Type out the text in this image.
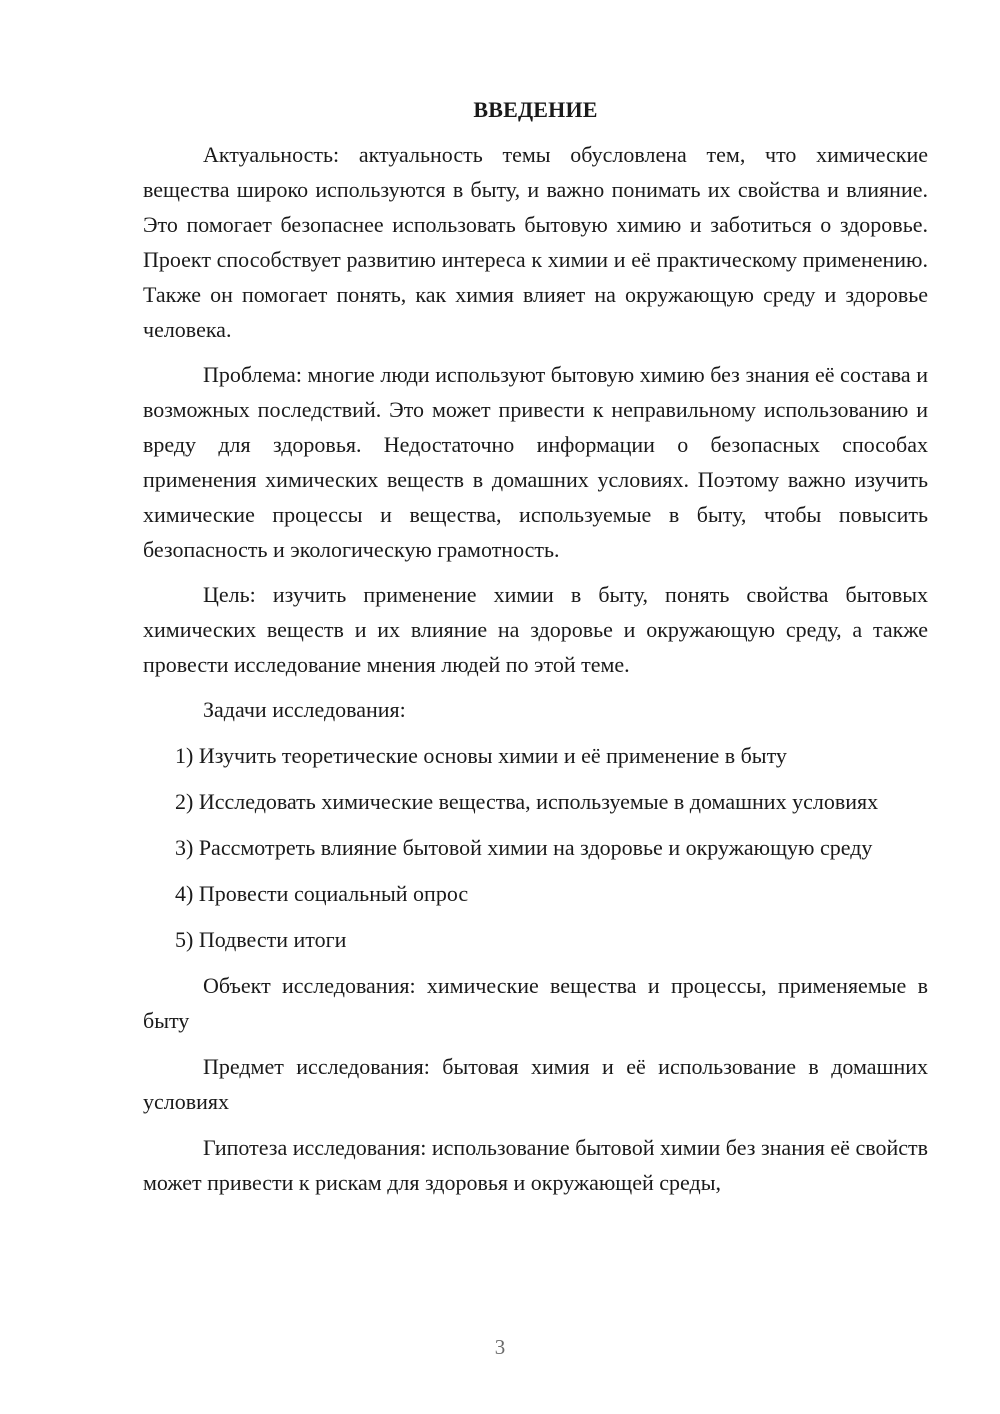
ВВЕДЕНИЕ

Актуальность: актуальность темы обусловлена тем, что химические вещества широко используются в быту, и важно понимать их свойства и влияние. Это помогает безопаснее использовать бытовую химию и заботиться о здоровье. Проект способствует развитию интереса к химии и её практическому применению. Также он помогает понять, как химия влияет на окружающую среду и здоровье человека.

Проблема: многие люди используют бытовую химию без знания её состава и возможных последствий. Это может привести к неправильному использованию и вреду для здоровья. Недостаточно информации о безопасных способах применения химических веществ в домашних условиях. Поэтому важно изучить химические процессы и вещества, используемые в быту, чтобы повысить безопасность и экологическую грамотность.

Цель: изучить применение химии в быту, понять свойства бытовых химических веществ и их влияние на здоровье и окружающую среду, а также провести исследование мнения людей по этой теме.

Задачи исследования:

1) Изучить теоретические основы химии и её применение в быту

2) Исследовать химические вещества, используемые в домашних условиях

3) Рассмотреть влияние бытовой химии на здоровье и окружающую среду

4) Провести социальный опрос

5) Подвести итоги

Объект исследования: химические вещества и процессы, применяемые в быту

Предмет исследования: бытовая химия и её использование в домашних условиях

Гипотеза исследования: использование бытовой химии без знания её свойств может привести к рискам для здоровья и окружающей среды,

3
